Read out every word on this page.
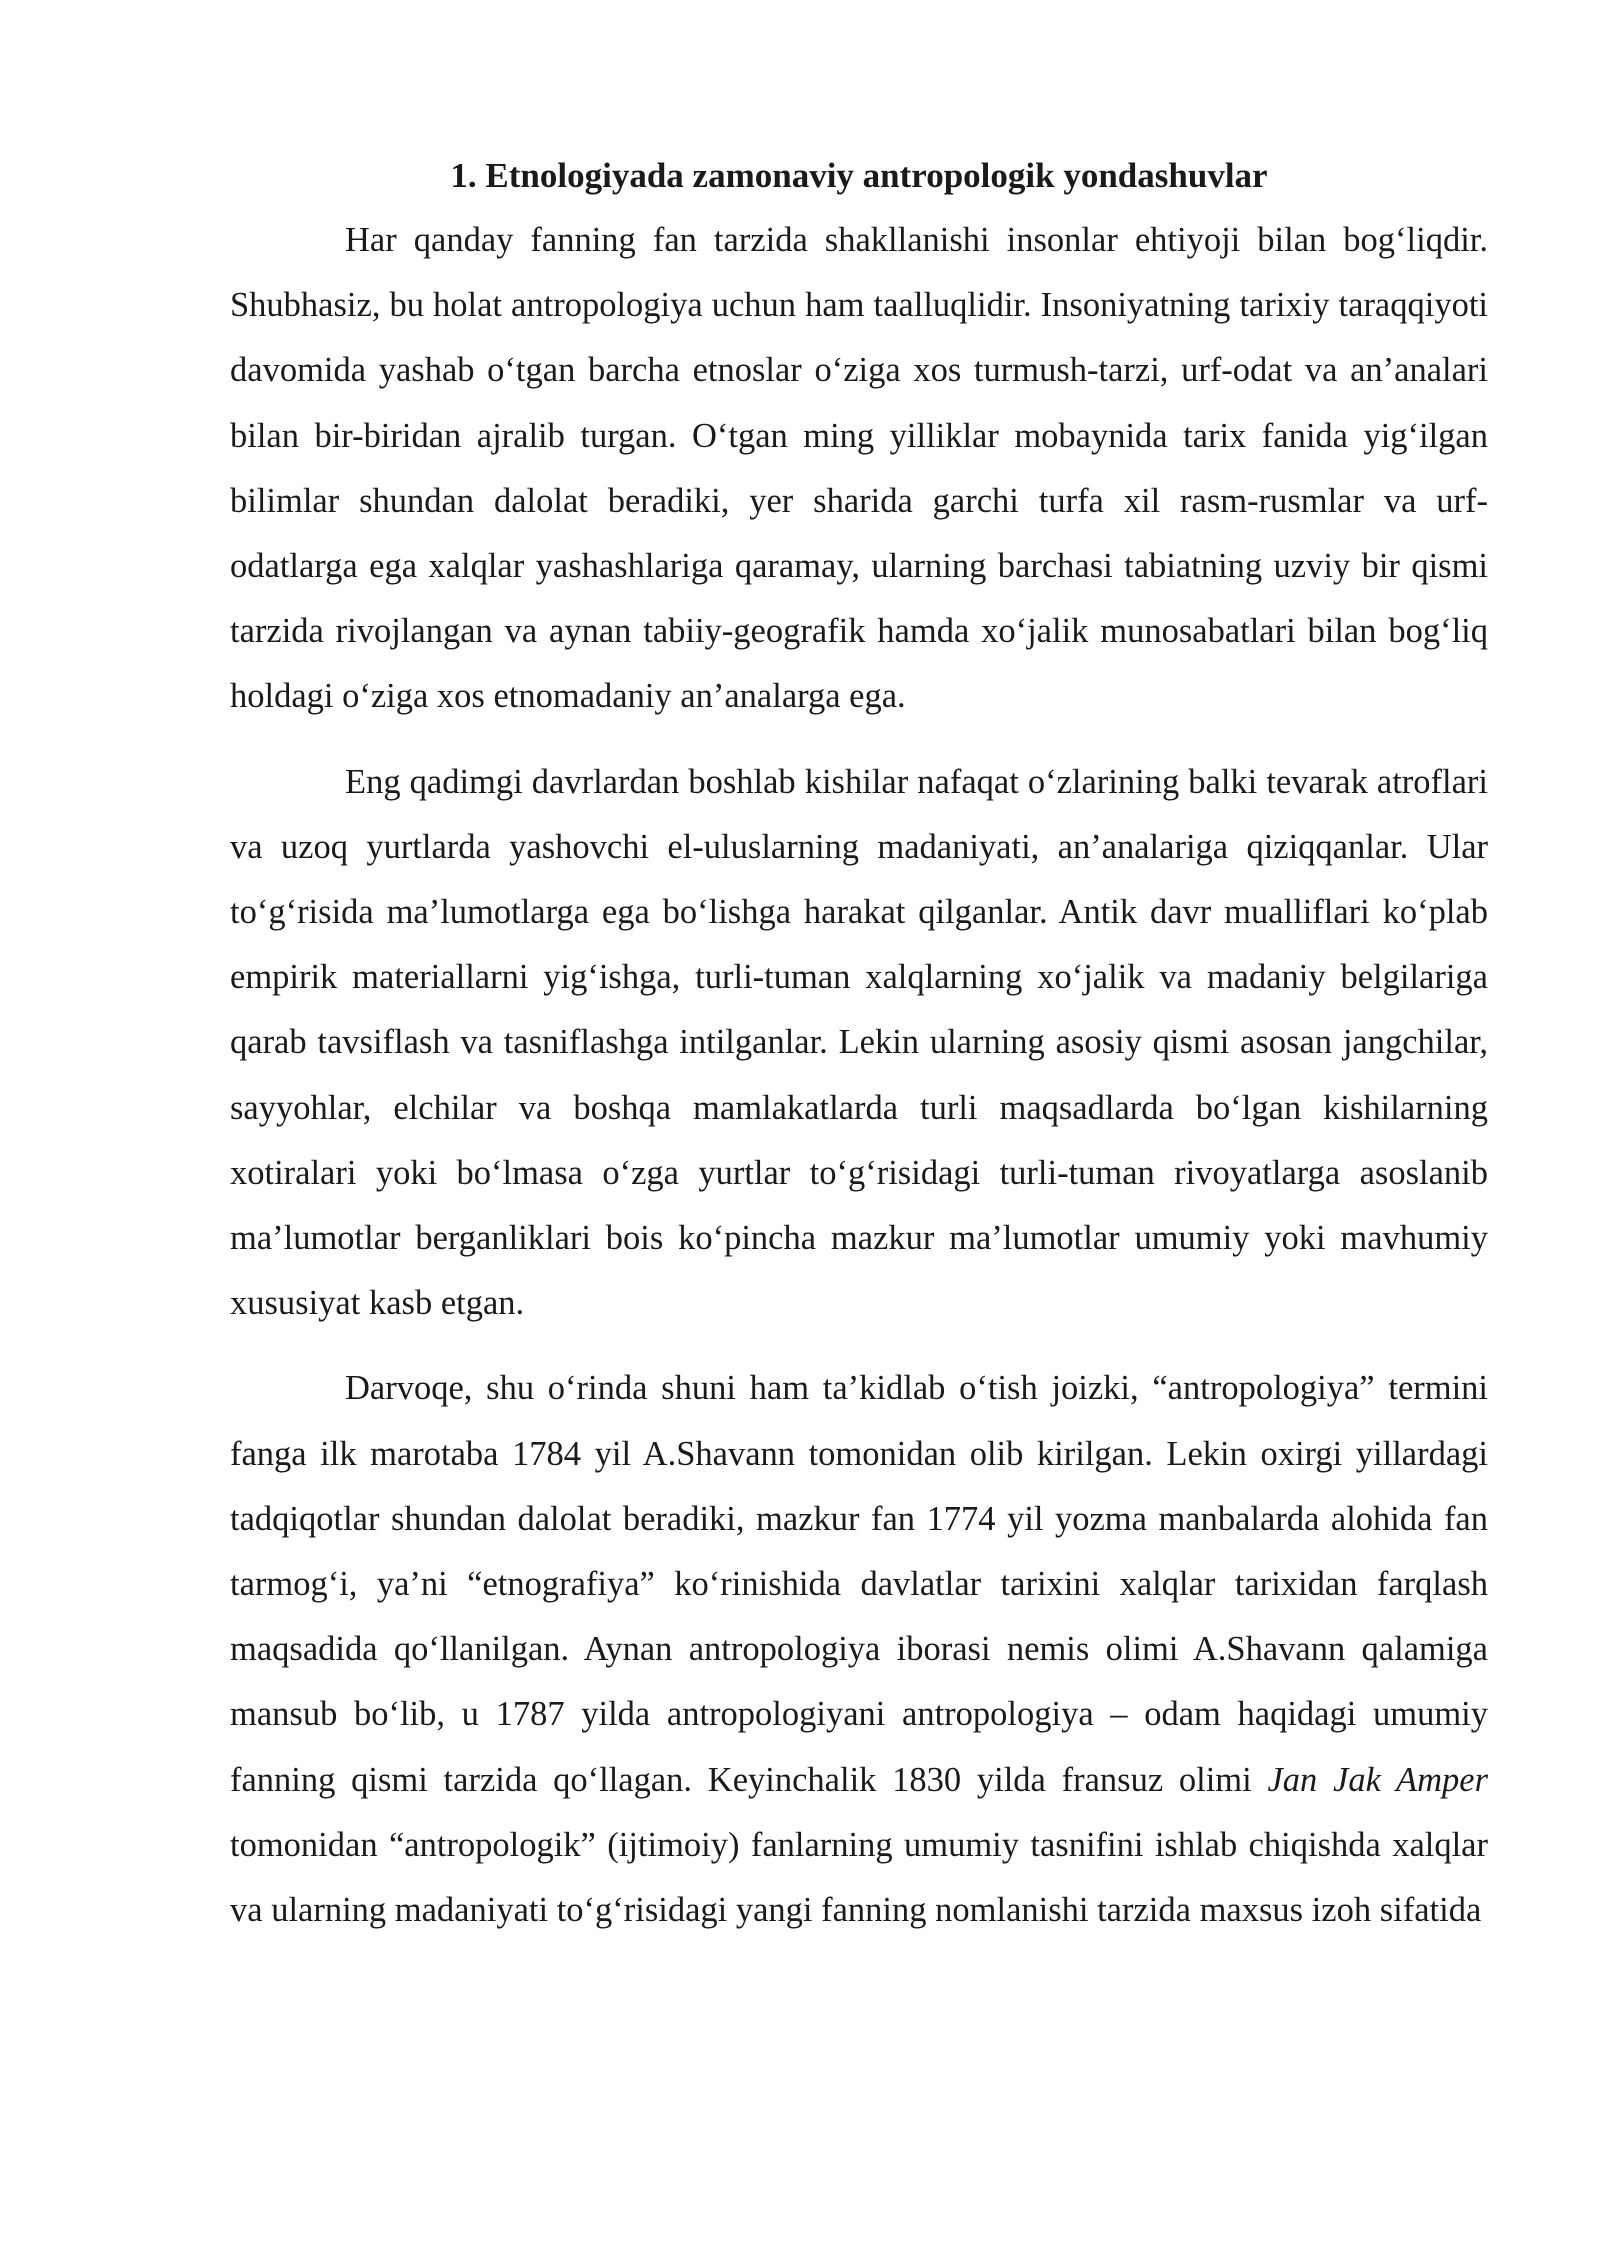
1. Etnologiyada zamonaviy antropologik yondashuvlar

Har qanday fanning fan tarzida shakllanishi insonlar ehtiyoji bilan bog‘liqdir. Shubhasiz, bu holat antropologiya uchun ham taalluqlidir. Insoniyatning tarixiy taraqqiyoti davomida yashab o‘tgan barcha etnoslar o‘ziga xos turmush-tarzi, urf-odat va an’analari bilan bir-biridan ajralib turgan. O‘tgan ming yilliklar mobaynida tarix fanida yig‘ilgan bilimlar shundan dalolat beradiki, yer sharida garchi turfa xil rasm-rusmlar va urf-odatlarga ega xalqlar yashashlariga qaramay, ularning barchasi tabiatning uzviy bir qismi tarzida rivojlangan va aynan tabiiy-geografik hamda xo‘jalik munosabatlari bilan bog‘liq holdagi o‘ziga xos etnomadaniy an’analarga ega.

Eng qadimgi davrlardan boshlab kishilar nafaqat o‘zlarining balki tevarak atroflari va uzoq yurtlarda yashovchi el-uluslarning madaniyati, an’analariga qiziqqanlar. Ular to‘g‘risida ma’lumotlarga ega bo‘lishga harakat qilganlar. Antik davr mualliflari ko‘plab empirik materiallarni yig‘ishga, turli-tuman xalqlarning xo‘jalik va madaniy belgilariga qarab tavsiflash va tasniflashga intilganlar. Lekin ularning asosiy qismi asosan jangchilar, sayyohlar, elchilar va boshqa mamlakatlarda turli maqsadlarda bo‘lgan kishilarning xotiralari yoki bo‘lmasa o‘zga yurtlar to‘g‘risidagi turli-tuman rivoyatlarga asoslanib ma’lumotlar berganliklari bois ko‘pincha mazkur ma’lumotlar umumiy yoki mavhumiy xususiyat kasb etgan.

Darvoqe, shu o‘rinda shuni ham ta’kidlab o‘tish joizki, “antropologiya” termini fanga ilk marotaba 1784 yil A.Shavann tomonidan olib kirilgan. Lekin oxirgi yillardagi tadqiqotlar shundan dalolat beradiki, mazkur fan 1774 yil yozma manbalarda alohida fan tarmog‘i, ya’ni “etnografiya” ko‘rinishida davlatlar tarixini xalqlar tarixidan farqlash maqsadida qo‘llanilgan. Aynan antropologiya iborasi nemis olimi A.Shavann qalamiga mansub bo‘lib, u 1787 yilda antropologiyani antropologiya – odam haqidagi umumiy fanning qismi tarzida qo‘llagan. Keyinchalik 1830 yilda fransuz olimi Jan Jak Amper tomonidan “antropologik” (ijtimoiy) fanlarning umumiy tasnifini ishlab chiqishda xalqlar va ularning madaniyati to‘g‘risidagi yangi fanning nomlanishi tarzida maxsus izoh sifatida
